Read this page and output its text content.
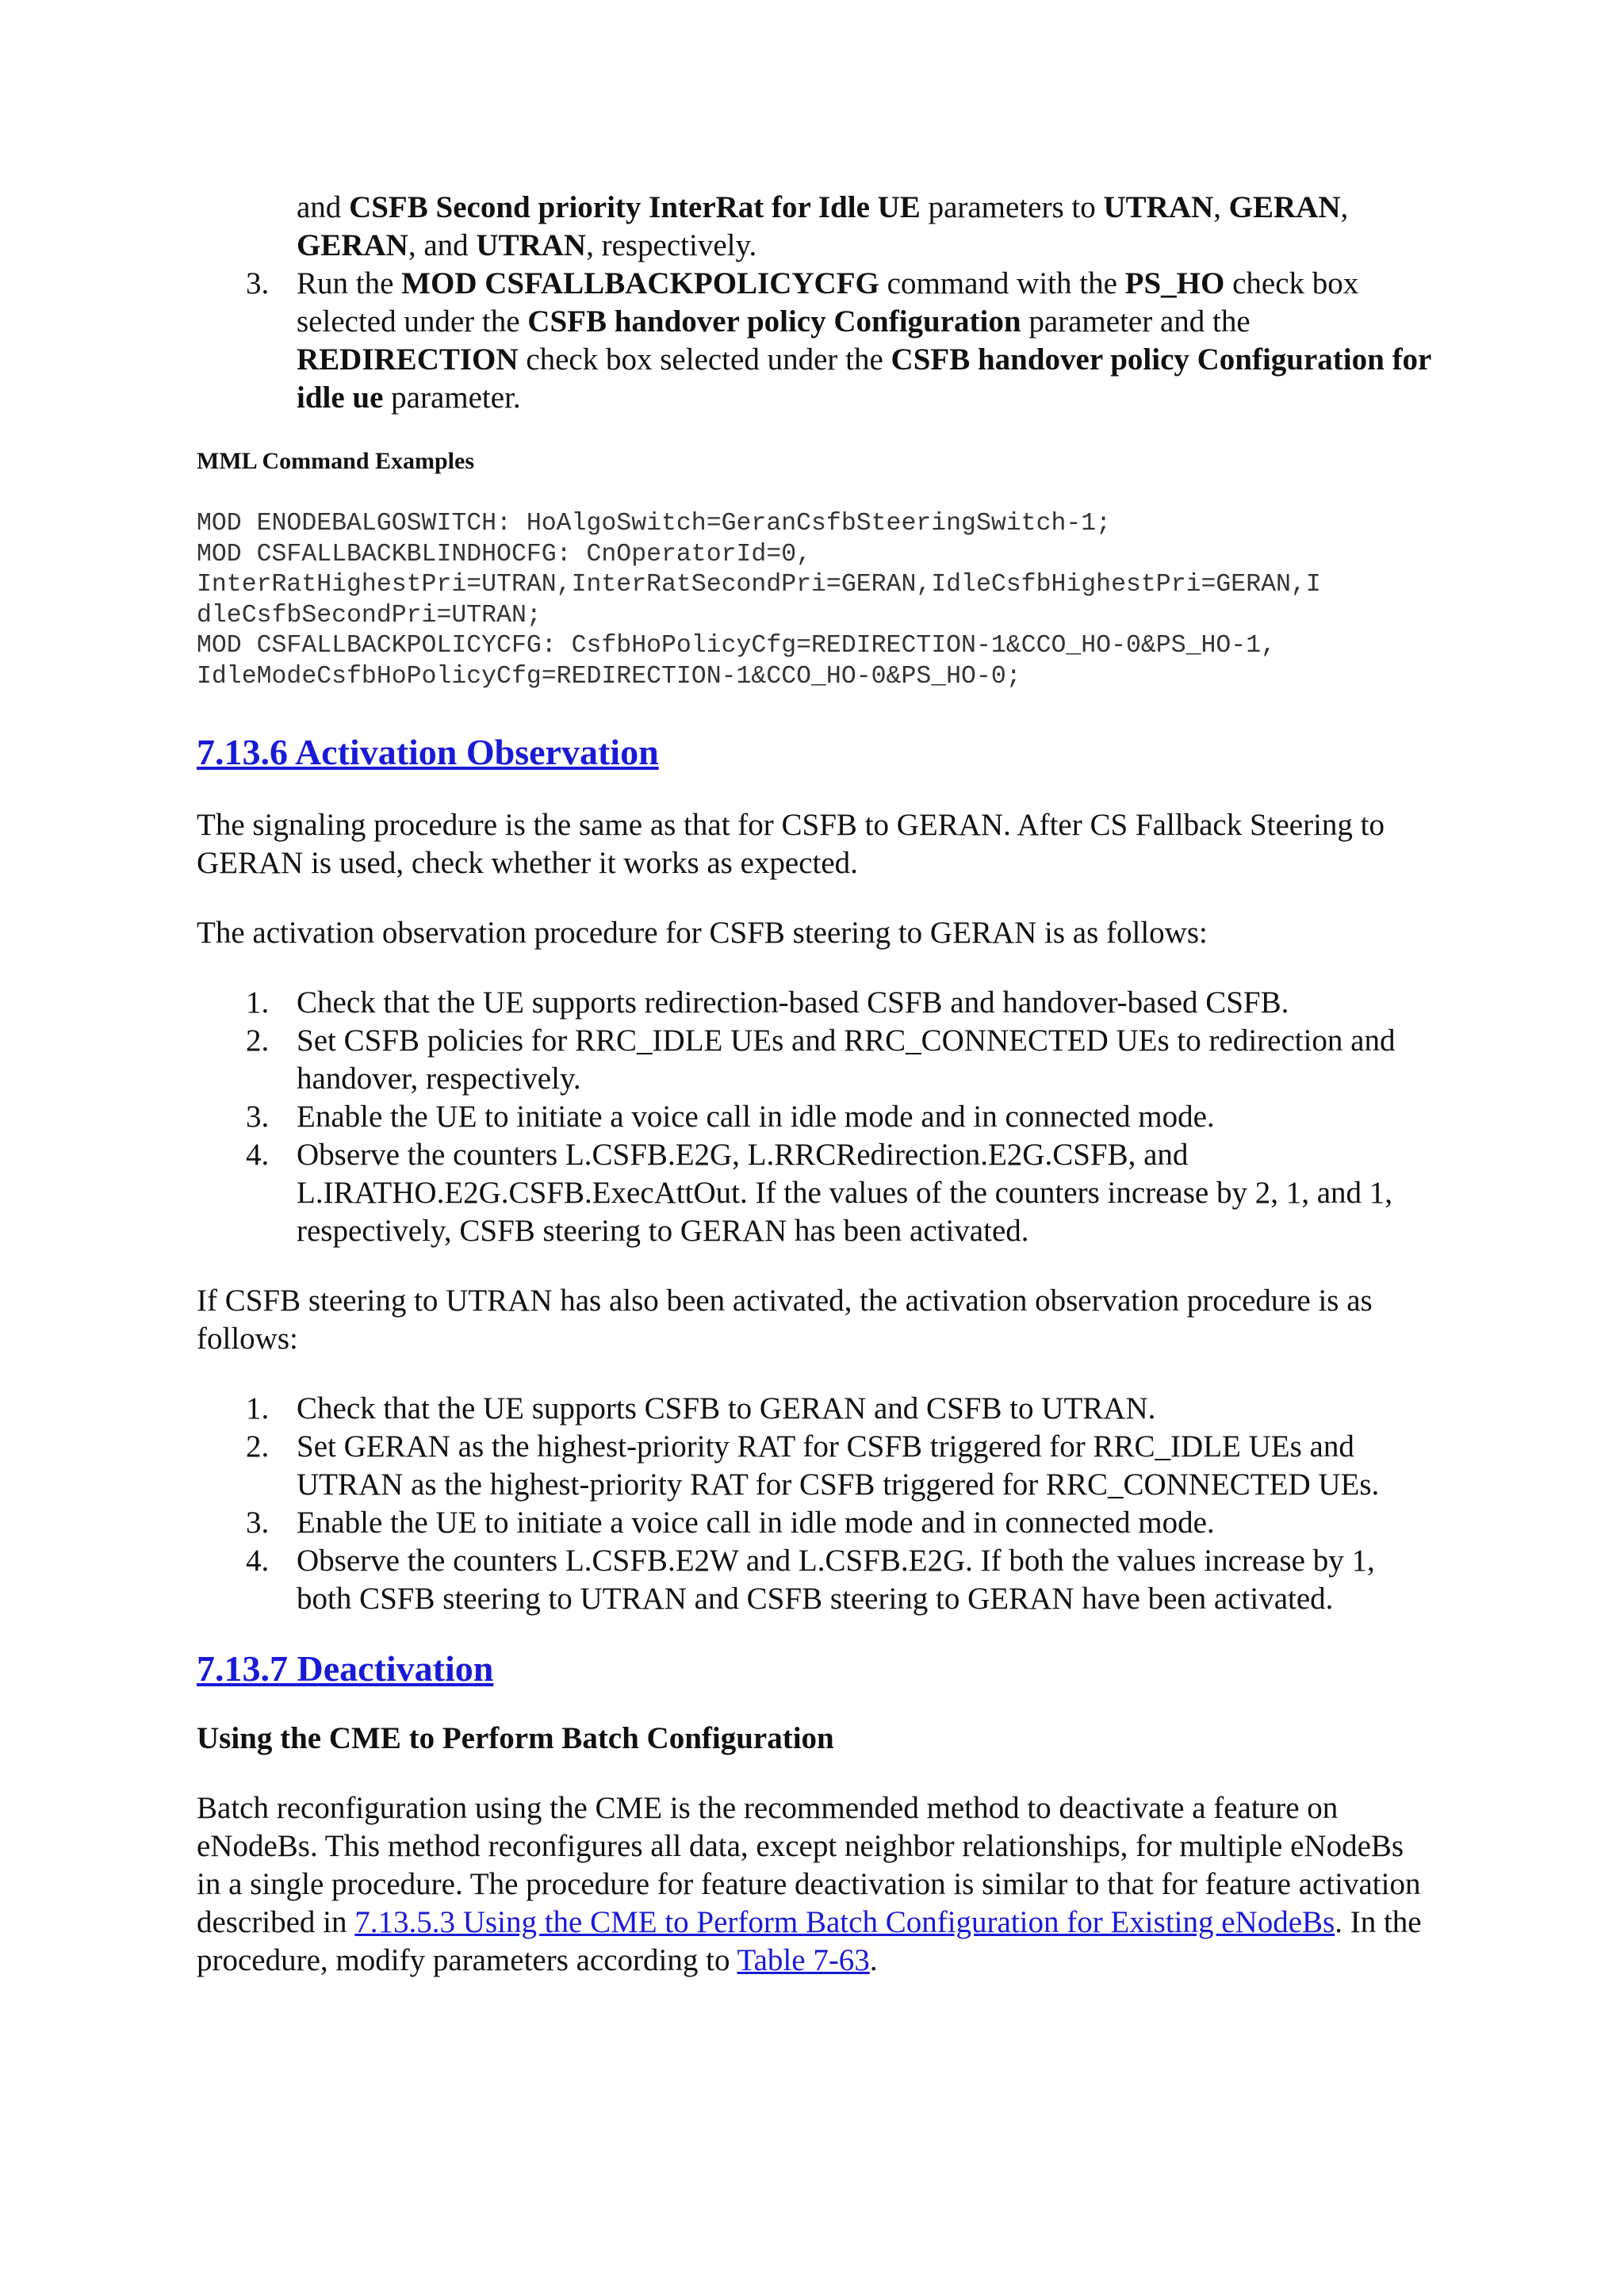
and CSFB Second priority InterRat for Idle UE parameters to UTRAN, GERAN, GERAN, and UTRAN, respectively.

3. Run the MOD CSFALLBACKPOLICYCFG command with the PS_HO check box selected under the CSFB handover policy Configuration parameter and the REDIRECTION check box selected under the CSFB handover policy Configuration for idle ue parameter.
MML Command Examples
MOD ENODEBALGOSWITCH: HoAlgoSwitch=GeranCsfbSteeringSwitch-1;
MOD CSFALLBACKBLINDHOCFG: CnOperatorId=0,
InterRatHighestPri=UTRAN,InterRatSecondPri=GERAN,IdleCsfbHighestPri=GERAN,I
dleCsfbSecondPri=UTRAN;
MOD CSFALLBACKPOLICYCFG: CsfbHoPolicyCfg=REDIRECTION-1&CCO_HO-0&PS_HO-1,
IdleModeCsfbHoPolicyCfg=REDIRECTION-1&CCO_HO-0&PS_HO-0;
7.13.6 Activation Observation

The signaling procedure is the same as that for CSFB to GERAN. After CS Fallback Steering to GERAN is used, check whether it works as expected.

The activation observation procedure for CSFB steering to GERAN is as follows:

1. Check that the UE supports redirection-based CSFB and handover-based CSFB.
2. Set CSFB policies for RRC_IDLE UEs and RRC_CONNECTED UEs to redirection and handover, respectively.
3. Enable the UE to initiate a voice call in idle mode and in connected mode.
4. Observe the counters L.CSFB.E2G, L.RRCRedirection.E2G.CSFB, and L.IRATHO.E2G.CSFB.ExecAttOut. If the values of the counters increase by 2, 1, and 1, respectively, CSFB steering to GERAN has been activated.

If CSFB steering to UTRAN has also been activated, the activation observation procedure is as follows:

1. Check that the UE supports CSFB to GERAN and CSFB to UTRAN.
2. Set GERAN as the highest-priority RAT for CSFB triggered for RRC_IDLE UEs and UTRAN as the highest-priority RAT for CSFB triggered for RRC_CONNECTED UEs.
3. Enable the UE to initiate a voice call in idle mode and in connected mode.
4. Observe the counters L.CSFB.E2W and L.CSFB.E2G. If both the values increase by 1, both CSFB steering to UTRAN and CSFB steering to GERAN have been activated.
7.13.7 Deactivation
Using the CME to Perform Batch Configuration

Batch reconfiguration using the CME is the recommended method to deactivate a feature on eNodeBs. This method reconfigures all data, except neighbor relationships, for multiple eNodeBs in a single procedure. The procedure for feature deactivation is similar to that for feature activation described in 7.13.5.3 Using the CME to Perform Batch Configuration for Existing eNodeBs. In the procedure, modify parameters according to Table 7-63.
